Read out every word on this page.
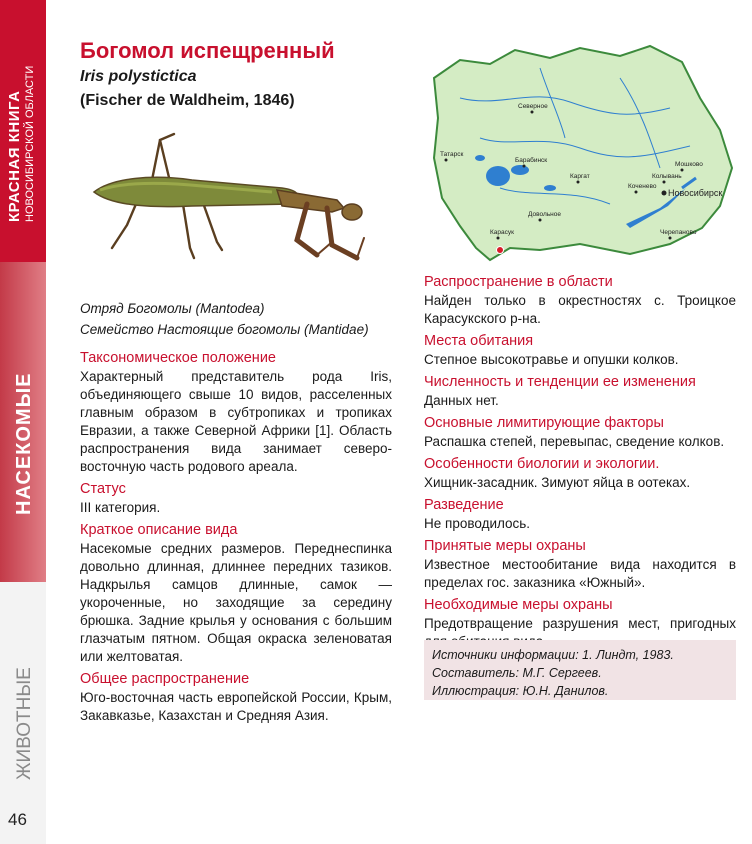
КРАСНАЯ КНИГА НОВОСИБИРСКОЙ ОБЛАСТИ
НАСЕКОМЫЕ
ЖИВОТНЫЕ
46
Богомол испещренный
Iris polystictica
(Fischer de Waldheim, 1846)
Отряд Богомолы (Mantodea)
Семейство Настоящие богомолы (Mantidae)
Таксономическое положение

Характерный представитель рода Iris, объединяющего свыше 10 видов, расселенных главным образом в субтропиках и тропиках Евразии, а также Северной Африки [1]. Область распространения вида занимает северо-восточную часть родового ареала.

Статус

III категория.

Краткое описание вида

Насекомые средних размеров. Переднеспинка довольно длинная, длиннее передних тазиков. Надкрылья самцов длинные, самок — укороченные, но заходящие за середину брюшка. Задние крылья у основания с большим глазчатым пятном. Общая окраска зеленоватая или желтоватая.

Общее распространение

Юго-восточная часть европейской России, Крым, Закавказье, Казахстан и Средняя Азия.

Северное
Татарск
Барабинск
Каргат
Мошково
Коченево
Колывань
Новосибирск
Довольное
Черепаново
Карасук
Распространение в области

Найден только в окрестностях с. Троицкое Карасукского р-на.

Места обитания

Степное высокотравье и опушки колков.

Численность и тенденции ее изменения

Данных нет.

Основные лимитирующие факторы

Распашка степей, перевыпас, сведение колков.

Особенности биологии и экологии.

Хищник-засадник. Зимуют яйца в оотеках.

Разведение

Не проводилось.

Принятые меры охраны

Известное местообитание вида находится в пределах гос. заказника «Южный».

Необходимые меры охраны

Предотвращение разрушения мест, пригодных

Источники информации: 1. Линдт, 1983.
Составитель: М.Г. Сергеев.
Иллюстрация: Ю.Н. Данилов.
